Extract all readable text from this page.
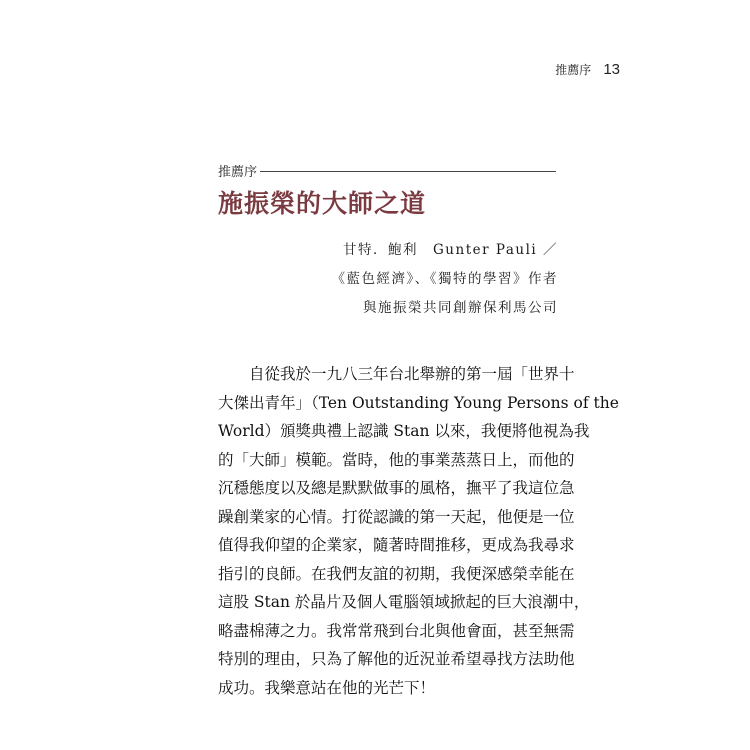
推薦序 13
推薦序
施振榮的大師之道
甘特．鮑利　Gunter Pauli ／
《藍色經濟》、《獨特的學習》作者
與施振榮共同創辦保利馬公司
自從我於一九八三年台北舉辦的第一屆「世界十
大傑出青年」（Ten Outstanding Young Persons of the
World）頒獎典禮上認識 Stan 以來，我便將他視為我
的「大師」模範。當時，他的事業蒸蒸日上，而他的
沉穩態度以及總是默默做事的風格，撫平了我這位急
躁創業家的心情。打從認識的第一天起，他便是一位
值得我仰望的企業家，隨著時間推移，更成為我尋求
指引的良師。在我們友誼的初期，我便深感榮幸能在
這股 Stan 於晶片及個人電腦領域掀起的巨大浪潮中，
略盡棉薄之力。我常常飛到台北與他會面，甚至無需
特別的理由，只為了解他的近況並希望尋找方法助他
成功。我樂意站在他的光芒下！
